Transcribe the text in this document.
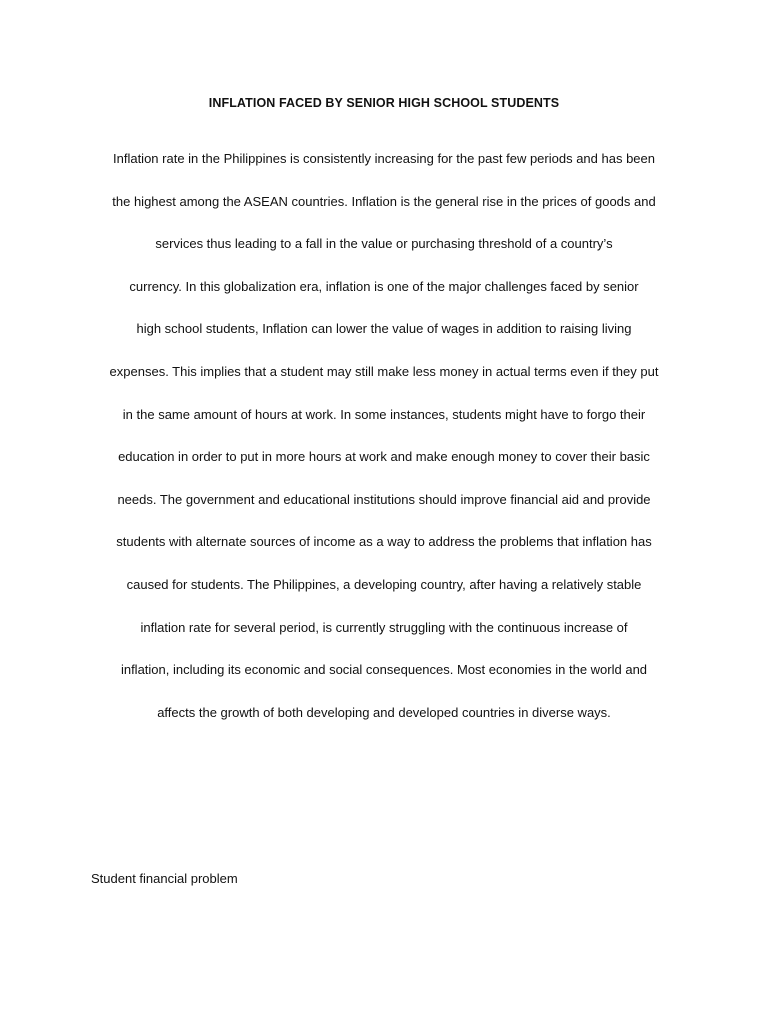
INFLATION FACED BY SENIOR HIGH SCHOOL STUDENTS
Inflation rate in the Philippines is consistently increasing for the past few periods and has been
the highest among the ASEAN countries. Inflation is the general rise in the prices of goods and
services thus leading to a fall in the value or purchasing threshold of a country’s
currency. In this globalization era, inflation is one of the major challenges faced by senior
high school students, Inflation can lower the value of wages in addition to raising living
expenses. This implies that a student may still make less money in actual terms even if they put
in the same amount of hours at work. In some instances, students might have to forgo their
education in order to put in more hours at work and make enough money to cover their basic
needs. The government and educational institutions should improve financial aid and provide
students with alternate sources of income as a way to address the problems that inflation has
caused for students. The Philippines, a developing country, after having a relatively stable
inflation rate for several period, is currently struggling with the continuous increase of
inflation, including its economic and social consequences. Most economies in the world and
affects the growth of both developing and developed countries in diverse ways.
Student financial problem
